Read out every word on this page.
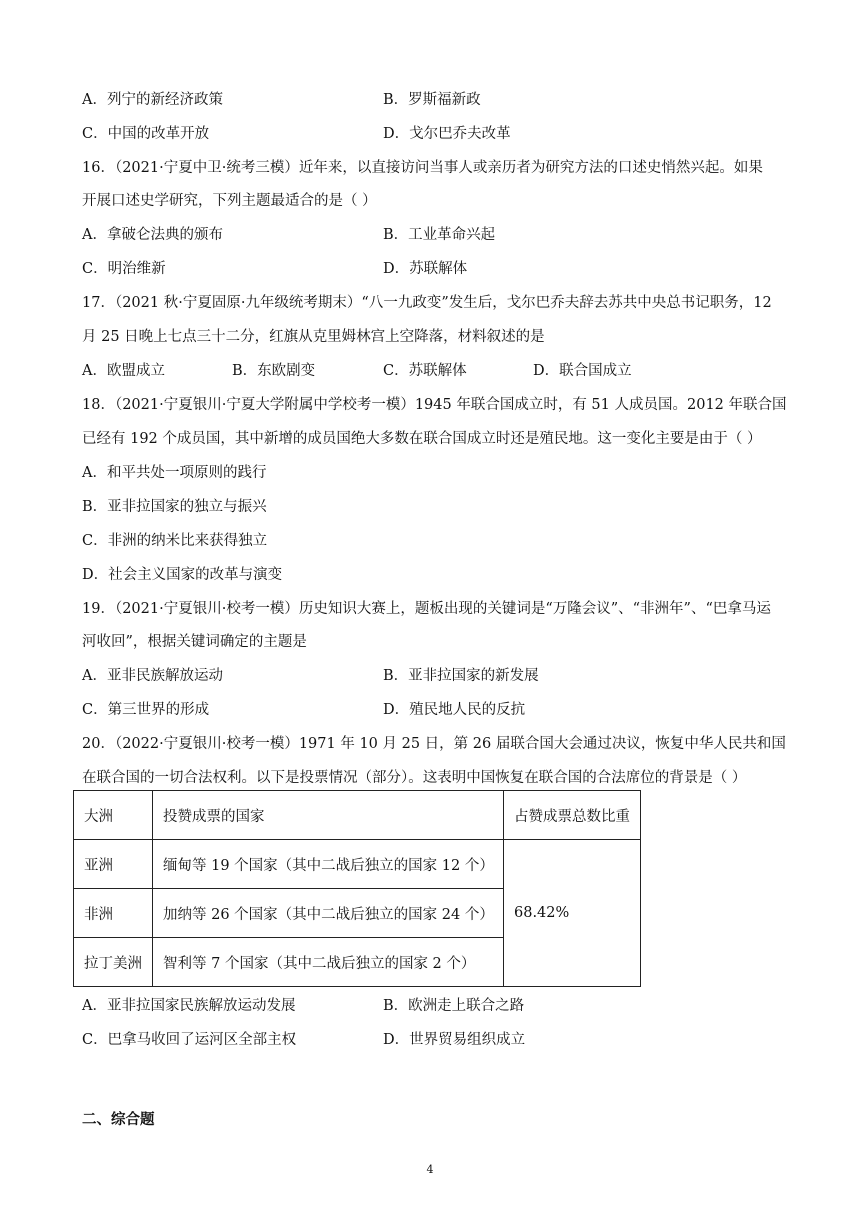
A．列宁的新经济政策	B．罗斯福新政
C．中国的改革开放	D．戈尔巴乔夫改革
16．（2021·宁夏中卫·统考三模）近年来，以直接访问当事人或亲历者为研究方法的口述史悄然兴起。如果
开展口述史学研究，下列主题最适合的是（ ）
A．拿破仑法典的颁布	B．工业革命兴起
C．明治维新	D．苏联解体
17．（2021 秋·宁夏固原·九年级统考期末）“八一九政变”发生后，戈尔巴乔夫辞去苏共中央总书记职务，12
月 25 日晚上七点三十二分，红旗从克里姆林宫上空降落，材料叙述的是
A．欧盟成立	B．东欧剧变	C．苏联解体	D．联合国成立
18．（2021·宁夏银川·宁夏大学附属中学校考一模）1945 年联合国成立时，有 51 人成员国。2012 年联合国
已经有 192 个成员国，其中新增的成员国绝大多数在联合国成立时还是殖民地。这一变化主要是由于（ ）
A．和平共处一项原则的践行
B．亚非拉国家的独立与振兴
C．非洲的纳米比来获得独立
D．社会主义国家的改革与演变
19．（2021·宁夏银川·校考一模）历史知识大赛上，题板出现的关键词是“万隆会议”、“非洲年”、“巴拿马运
河收回”，根据关键词确定的主题是
A．亚非民族解放运动	B．亚非拉国家的新发展
C．第三世界的形成	D．殖民地人民的反抗
20．（2022·宁夏银川·校考一模）1971 年 10 月 25 日，第 26 届联合国大会通过决议，恢复中华人民共和国
在联合国的一切合法权利。以下是投票情况（部分）。这表明中国恢复在联合国的合法席位的背景是（ ）
大洲	投赞成票的国家	占赞成票总数比重
亚洲	缅甸等 19 个国家（其中二战后独立的国家 12 个）	68.42%
非洲	加纳等 26 个国家（其中二战后独立的国家 24 个）	
拉丁美洲	智利等 7 个国家（其中二战后独立的国家 2 个）	
A．亚非拉国家民族解放运动发展	B．欧洲走上联合之路
C．巴拿马收回了运河区全部主权	D．世界贸易组织成立
二、综合题
4
